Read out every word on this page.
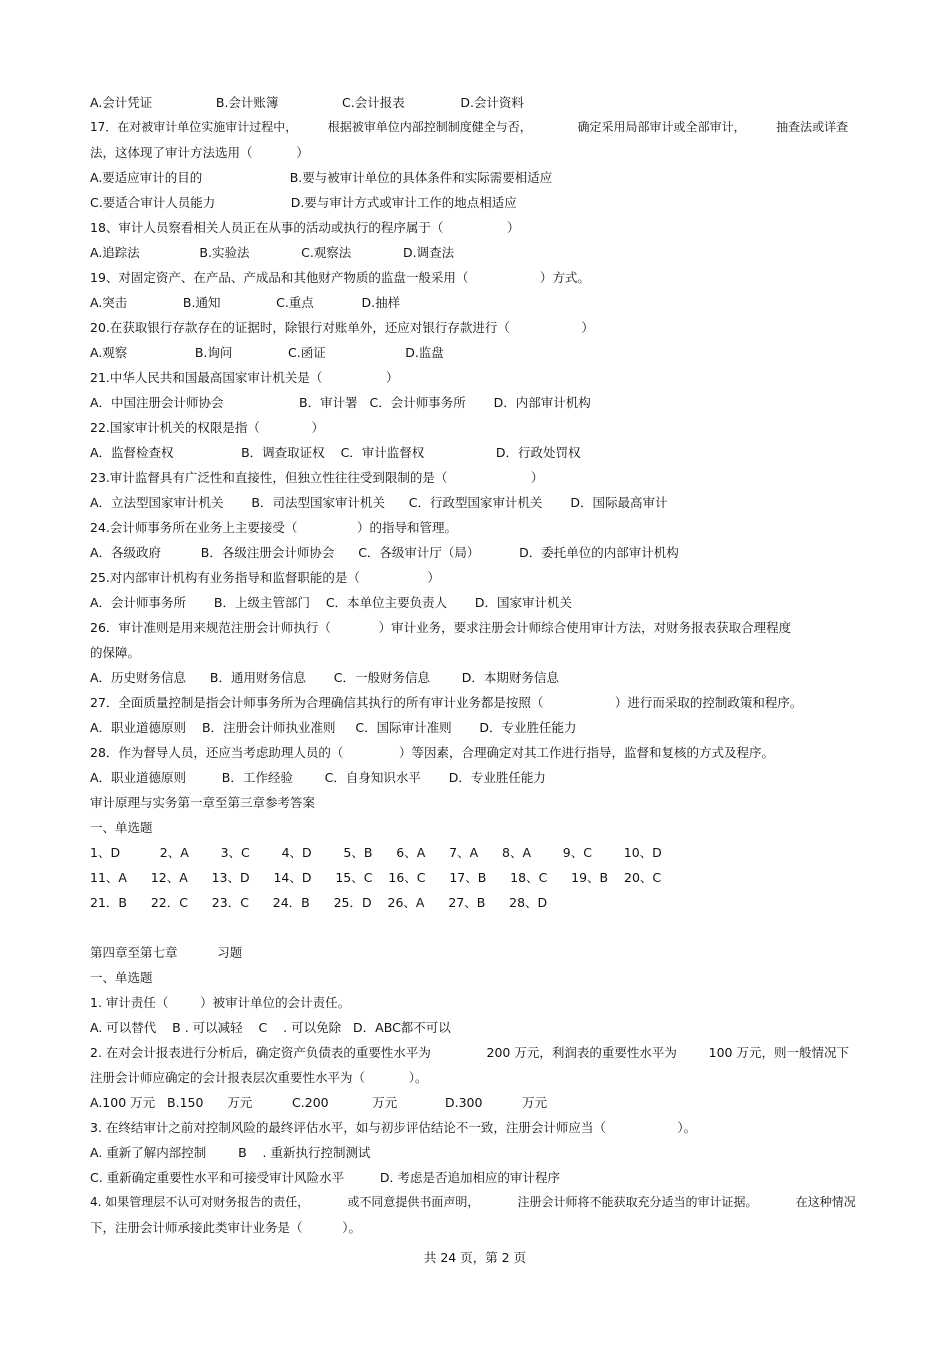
A.会计凭证                B.会计账簿                C.会计报表              D.会计资料
17．在对被审计单位实施审计过程中，        根据被审单位内部控制制度健全与否，            确定采用局部审计或全部审计，        抽查法或详查
法，这体现了审计方法选用（           ）
A.要适应审计的目的                      B.要与被审计单位的具体条件和实际需要相适应
C.要适合审计人员能力                   D.要与审计方式或审计工作的地点相适应
18、审计人员察看相关人员正在从事的活动或执行的程序属于（                ）
A.追踪法               B.实验法             C.观察法             D.调查法
19、对固定资产、在产品、产成品和其他财产物质的监盘一般采用（                  ）方式。
A.突击              B.通知              C.重点            D.抽样
20.在获取银行存款存在的证据时，除银行对账单外，还应对银行存款进行（                  ）
A.观察                 B.询问              C.函证                    D.监盘
21.中华人民共和国最高国家审计机关是（                ）
A．中国注册会计师协会                   B．审计署   C．会计师事务所       D．内部审计机构
22.国家审计机关的权限是指（             ）
A．监督检查权                 B．调查取证权    C．审计监督权                  D．行政处罚权
23.审计监督具有广泛性和直接性，但独立性往往受到限制的是（                     ）
A．立法型国家审计机关       B．司法型国家审计机关      C．行政型国家审计机关       D．国际最高审计
24.会计师事务所在业务上主要接受（               ）的指导和管理。
A．各级政府          B．各级注册会计师协会      C．各级审计厅（局）          D．委托单位的内部审计机构
25.对内部审计机构有业务指导和监督职能的是（                 ）
A．会计师事务所       B．上级主管部门    C．本单位主要负责人       D．国家审计机关
26．审计准则是用来规范注册会计师执行（            ）审计业务，要求注册会计师综合使用审计方法，对财务报表获取合理程度
的保障。
A．历史财务信息      B．通用财务信息       C．一般财务信息        D．本期财务信息
27．全面质量控制是指会计师事务所为合理确信其执行的所有审计业务都是按照（                  ）进行而采取的控制政策和程序。
A．职业道德原则    B．注册会计师执业准则     C．国际审计准则       D．专业胜任能力
28．作为督导人员，还应当考虑助理人员的（              ）等因素，合理确定对其工作进行指导，监督和复核的方式及程序。
A．职业道德原则         B．工作经验        C．自身知识水平       D．专业胜任能力
审计原理与实务第一章至第三章参考答案
一、单选题
1、D          2、A        3、C        4、D        5、B      6、A      7、A      8、A        9、C        10、D
11、A      12、A      13、D      14、D      15、C    16、C      17、B      18、C      19、B    20、C
21．B      22．C      23．C      24．B      25．D    26、A      27、B      28、D
第四章至第七章          习题
一、单选题
1. 审计责任（        ）被审计单位的会计责任。
A. 可以替代    B . 可以减轻    C    . 可以免除   D．ABC都不可以
2. 在对会计报表进行分析后，确定资产负债表的重要性水平为              200 万元，利润表的重要性水平为        100 万元，则一般情况下
注册会计师应确定的会计报表层次重要性水平为（           ）。
A.100 万元   B.150      万元          C.200           万元            D.300          万元
3. 在终结审计之前对控制风险的最终评估水平，如与初步评估结论不一致，注册会计师应当（                  ）。
A. 重新了解内部控制        B    . 重新执行控制测试
C. 重新确定重要性水平和可接受审计风险水平         D. 考虑是否追加相应的审计程序
4. 如果管理层不认可对财务报告的责任，          或不同意提供书面声明，          注册会计师将不能获取充分适当的审计证据。          在这种情况
下，注册会计师承接此类审计业务是（          ）。
共 24 页，第 2 页
